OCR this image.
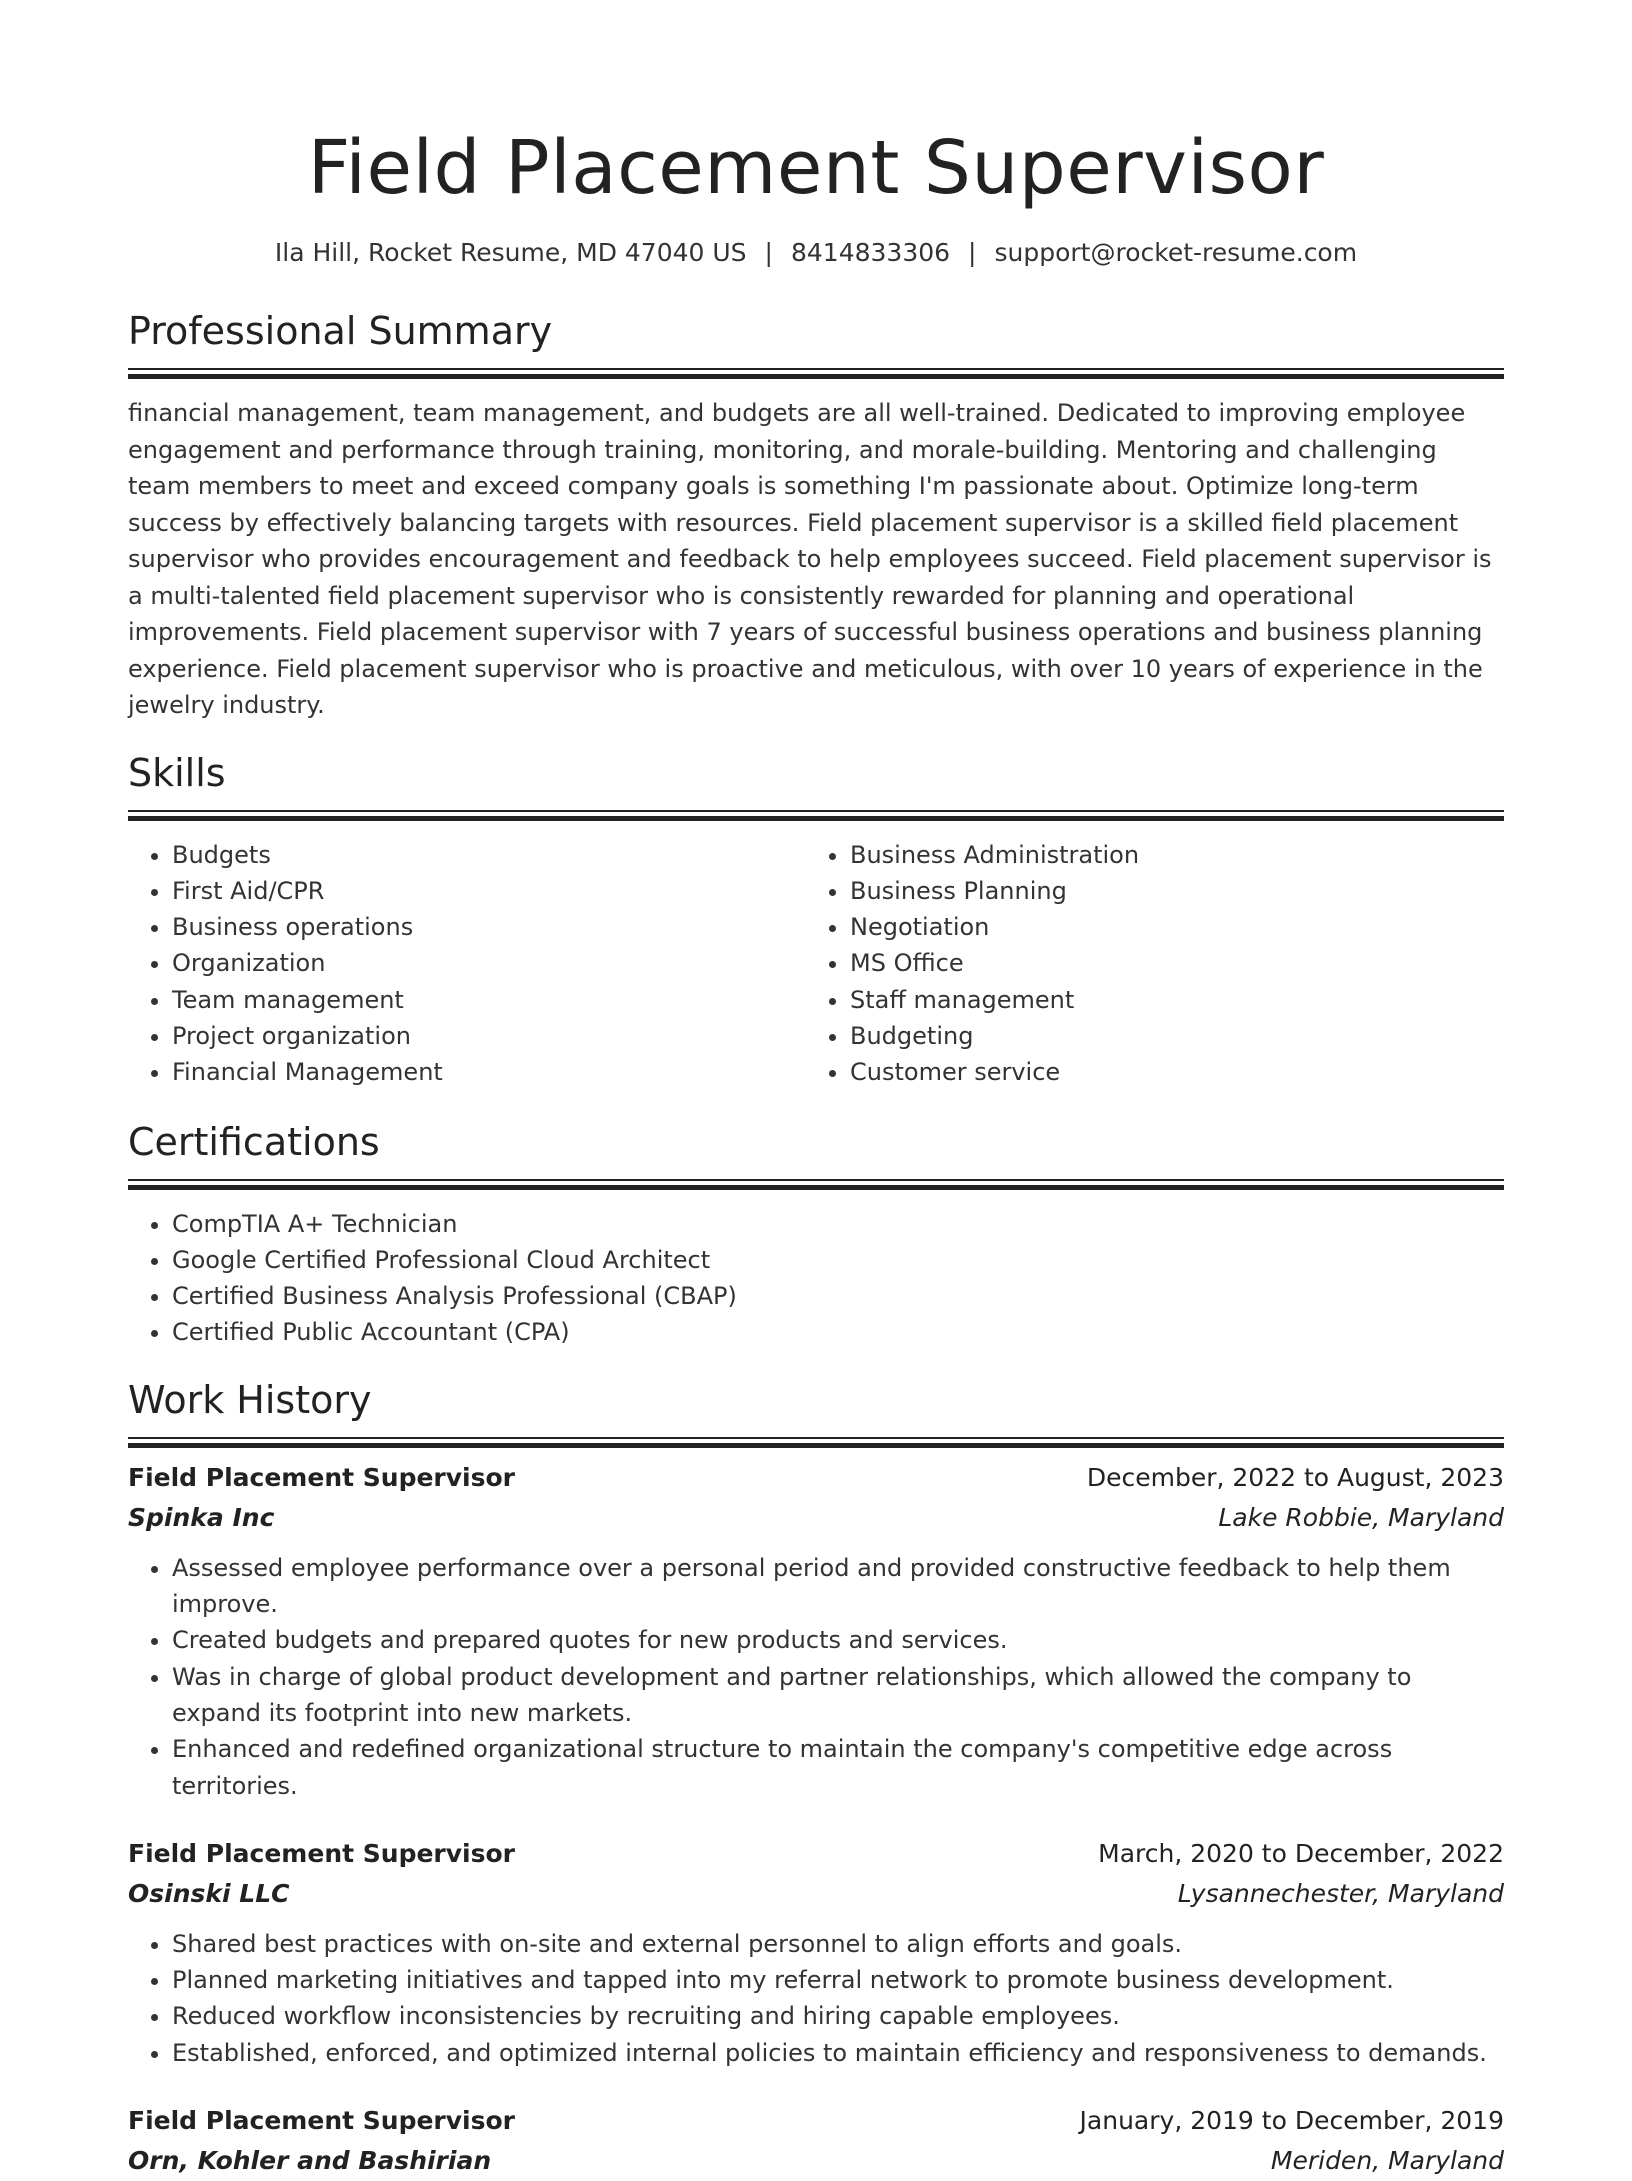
Field Placement Supervisor
Ila Hill, Rocket Resume, MD 47040 US | 8414833306 | support@rocket-resume.com
Professional Summary

financial management, team management, and budgets are all well-trained. Dedicated to improving employee engagement and performance through training, monitoring, and morale-building. Mentoring and challenging team members to meet and exceed company goals is something I'm passionate about. Optimize long-term success by effectively balancing targets with resources. Field placement supervisor is a skilled field placement supervisor who provides encouragement and feedback to help employees succeed. Field placement supervisor is a multi-talented field placement supervisor who is consistently rewarded for planning and operational improvements. Field placement supervisor with 7 years of successful business operations and business planning experience. Field placement supervisor who is proactive and meticulous, with over 10 years of experience in the jewelry industry.

Skills
• Budgets
• First Aid/CPR
• Business operations
• Organization
• Team management
• Project organization
• Financial Management
• Business Administration
• Business Planning
• Negotiation
• MS Office
• Staff management
• Budgeting
• Customer service
Certifications
• CompTIA A+ Technician
• Google Certified Professional Cloud Architect
• Certified Business Analysis Professional (CBAP)
• Certified Public Accountant (CPA)
Work History
Field Placement Supervisor	December, 2022 to August, 2023
Spinka Inc	Lake Robbie, Maryland
• Assessed employee performance over a personal period and provided constructive feedback to help them improve.
• Created budgets and prepared quotes for new products and services.
• Was in charge of global product development and partner relationships, which allowed the company to expand its footprint into new markets.
• Enhanced and redefined organizational structure to maintain the company's competitive edge across territories.
Field Placement Supervisor	March, 2020 to December, 2022
Osinski LLC	Lysannechester, Maryland
• Shared best practices with on-site and external personnel to align efforts and goals.
• Planned marketing initiatives and tapped into my referral network to promote business development.
• Reduced workflow inconsistencies by recruiting and hiring capable employees.
• Established, enforced, and optimized internal policies to maintain efficiency and responsiveness to demands.
Field Placement Supervisor	January, 2019 to December, 2019
Orn, Kohler and Bashirian	Meriden, Maryland
